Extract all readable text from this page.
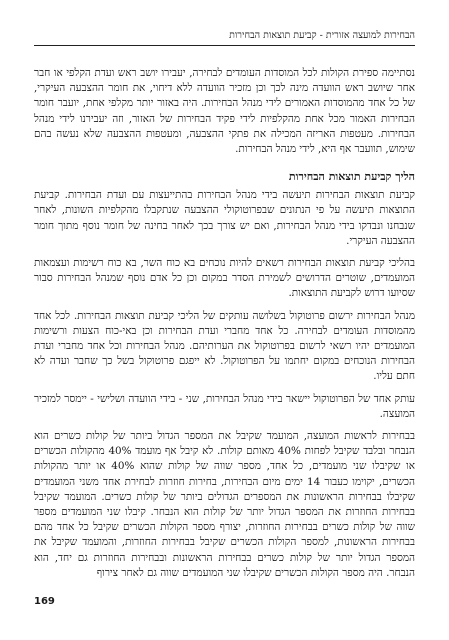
הבחירות למועצה אזורית - קביעת תוצאות הבחירות

נסתיימה ספירת הקולות לכל המוסדות העומדים לבחירה, יעבירו יושב ראש ועדת הקלפי או חבר אחר שיושב ראש הוועדה מינה לכך וכן מזכיר הוועדה ללא דיחוי, את חומר ההצבעה העיקרי, של כל אחד מהמוסדות האמורים לידי מנהל הבחירות. היה באזור יותר מקלפי אחת, יועבר חומר הבחירות האמור מכל אחת מהקלפיות לידי פקיד הבחירות של האזור, וזה יעבירנו לידי מנהל הבחירות. מעטפות האריזה המכילה את פתקי ההצבעה, ומעטפות ההצבעה שלא נעשה בהם שימוש, תוועבר אף היא, לידי מנהל הבחירות.

הליך קביעת תוצאות הבחירות

קביעת תוצאות הבחירות תיעשה בידי מנהל הבחירות בהתייעצות עם ועדת הבחירות. קביעת התוצאות תיעשה על פי הנתונים שבפרוטוקולי ההצבעה שנתקבלו מהקלפיות השונות, לאחר שנבחנו ונבדקו בידי מנהל הבחירות, ואם יש צורך בכך לאחר בחינה של חומר נוסף מתוך חומר ההצבעה העיקרי.

בהליכי קביעת תוצאות הבחירות רשאים להיות נוכחים בא כוח השר, בא כוח רשימות ועצמאות המועמדים, שוטרים הדרושים לשמירת הסדר במקום וכן כל אדם נוסף שמנהל הבחירות סבור שסיועו דרוש לקביעת התוצאות.

מנהל הבחירות ירשום פרוטוקול בשלושה עותקים של הליכי קביעת תוצאות הבחירות. לכל אחד מהמוסדות העומדים לבחירה. כל אחד מחברי ועדת הבחירות וכן באי-כוח הצעות ורשימות המועמדים יהיו רשאי לרשום בפרוטוקול את הערותיהם. מנהל הבחירות וכל אחד מחברי ועדת הבחירות הנוכחים במקום יחתמו על הפרוטוקול. לא ייפגם פרוטוקול בשל כך שחבר ועדה לא חתם עליו.

עותק אחד של הפרוטוקול יישאר בידי מנהל הבחירות, שני - בידי הוועדה ושלישי - יימסר למזכיר המועצה.

בבחירות לראשות המועצה, המועמד שקיבל את המספר הגדול ביותר של קולות כשרים הוא הנבחר ובלבד שקיבל לפחות 40% מאותם קולות. לא קיבל אף מועמד 40% מהקולות הכשרים או שקיבלו שני מועמדים, כל אחד, מספר שווה של קולות שהוא 40% או יותר מהקולות הכשרים, יקוימו כעבור 14 ימים מיום הבחירות, בחירות חוזרות לבחירת אחד משני המועמדים שקיבלו בבחירות הראשונות את המספרים הגדולים ביותר של קולות כשרים. המועמד שקיבל בבחירות החוזרות את המספר הגדול יותר של קולות הוא הנבחר. קיבלו שני המועמדים מספר שווה של קולות כשרים בבחירות החוזרות, יצורף מספר הקולות הכשרים שקיבל כל אחד מהם בבחירות הראשונות, למספר הקולות הכשרים שקיבל בבחירות החוזרות, והמועמד שקיבל את המספר הגדול יותר של קולות כשרים בבחירות הראשונות ובבחירות החוזרות גם יחד, הוא הנבחר. היה מספר הקולות הכשרים שקיבלו שני המועמדים שווה גם לאחר צירוף

169
